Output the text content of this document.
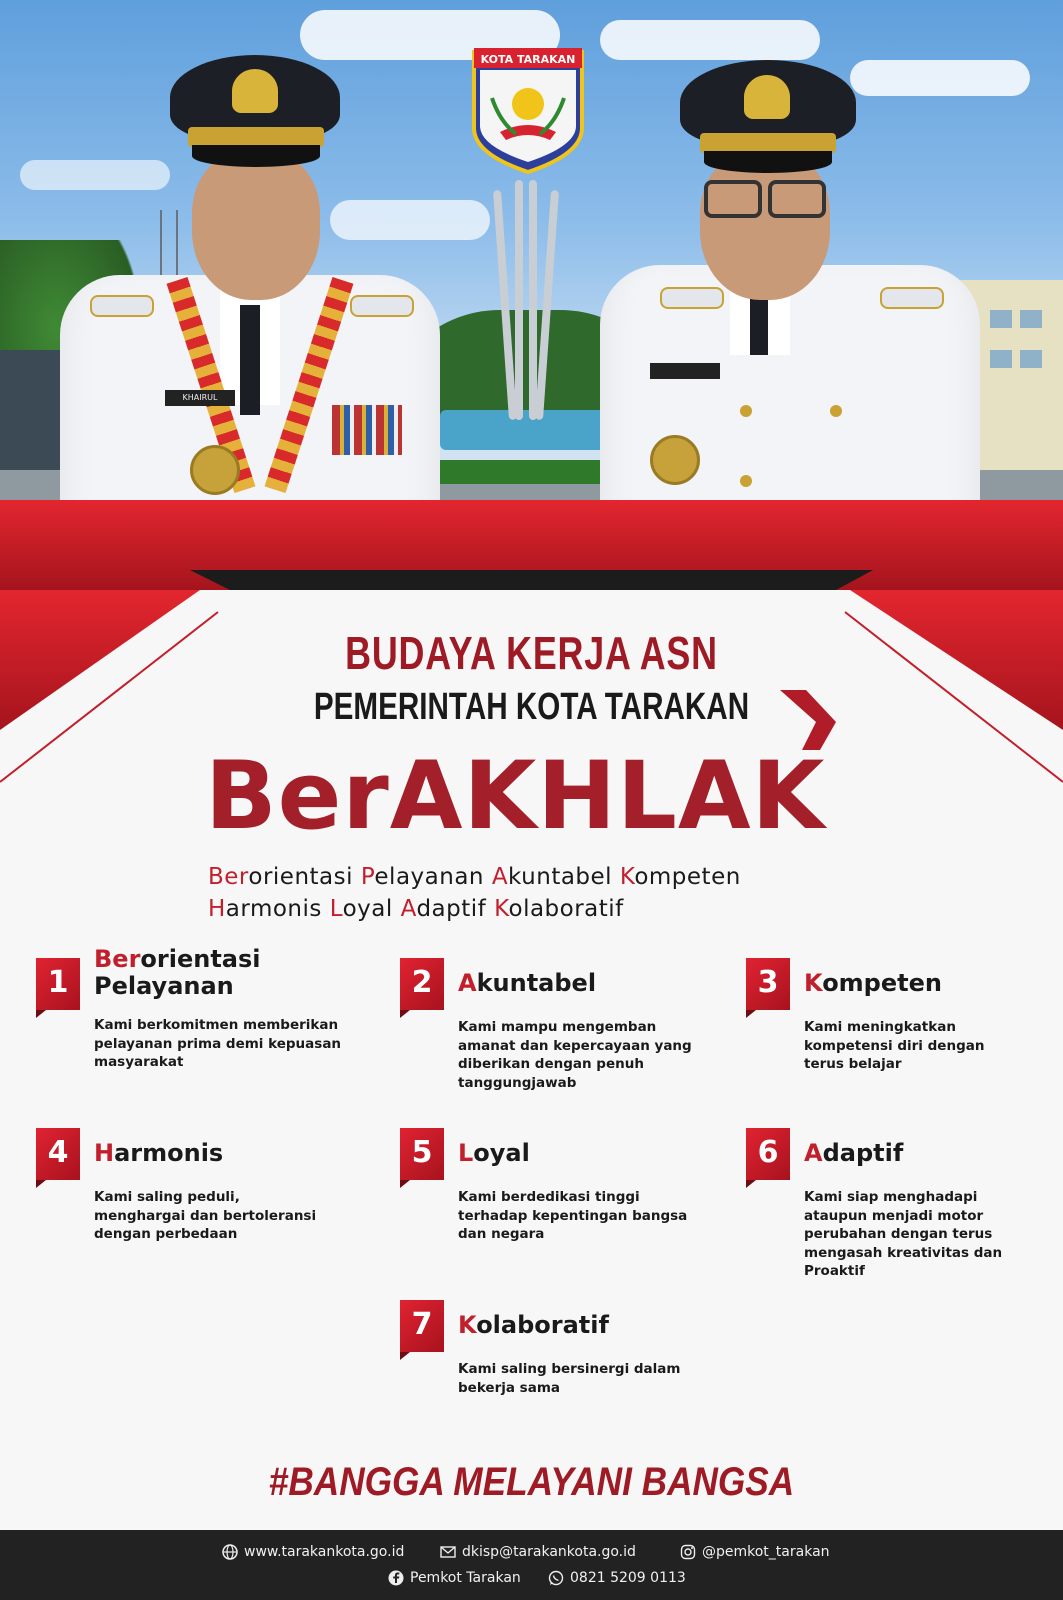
KOTA TARAKAN
KHAIRUL
BUDAYA KERJA ASN
PEMERINTAH KOTA TARAKAN
BerAKHLAK
Berorientasi Pelayanan Akuntabel Kompeten
Harmonis Loyal Adaptif Kolaboratif
1
Berorientasi
Pelayanan
Kami berkomitmen memberikan
pelayanan prima demi kepuasan
masyarakat
2	Akuntabel
Kami mampu mengemban
amanat dan kepercayaan yang
diberikan dengan penuh
tanggungjawab
3	Kompeten
Kami meningkatkan
kompetensi diri dengan
terus belajar
4	Harmonis
Kami saling peduli,
menghargai dan bertoleransi
dengan perbedaan
5	Loyal
Kami berdedikasi tinggi
terhadap kepentingan bangsa
dan negara
6	Adaptif
Kami siap menghadapi
ataupun menjadi motor
perubahan dengan terus
mengasah kreativitas dan
Proaktif
7	Kolaboratif
Kami saling bersinergi dalam
bekerja sama
#BANGGA MELAYANI BANGSA
www.tarakankota.go.id	dkisp@tarakankota.go.id	@pemkot_tarakan
Pemkot Tarakan	0821 5209 0113
